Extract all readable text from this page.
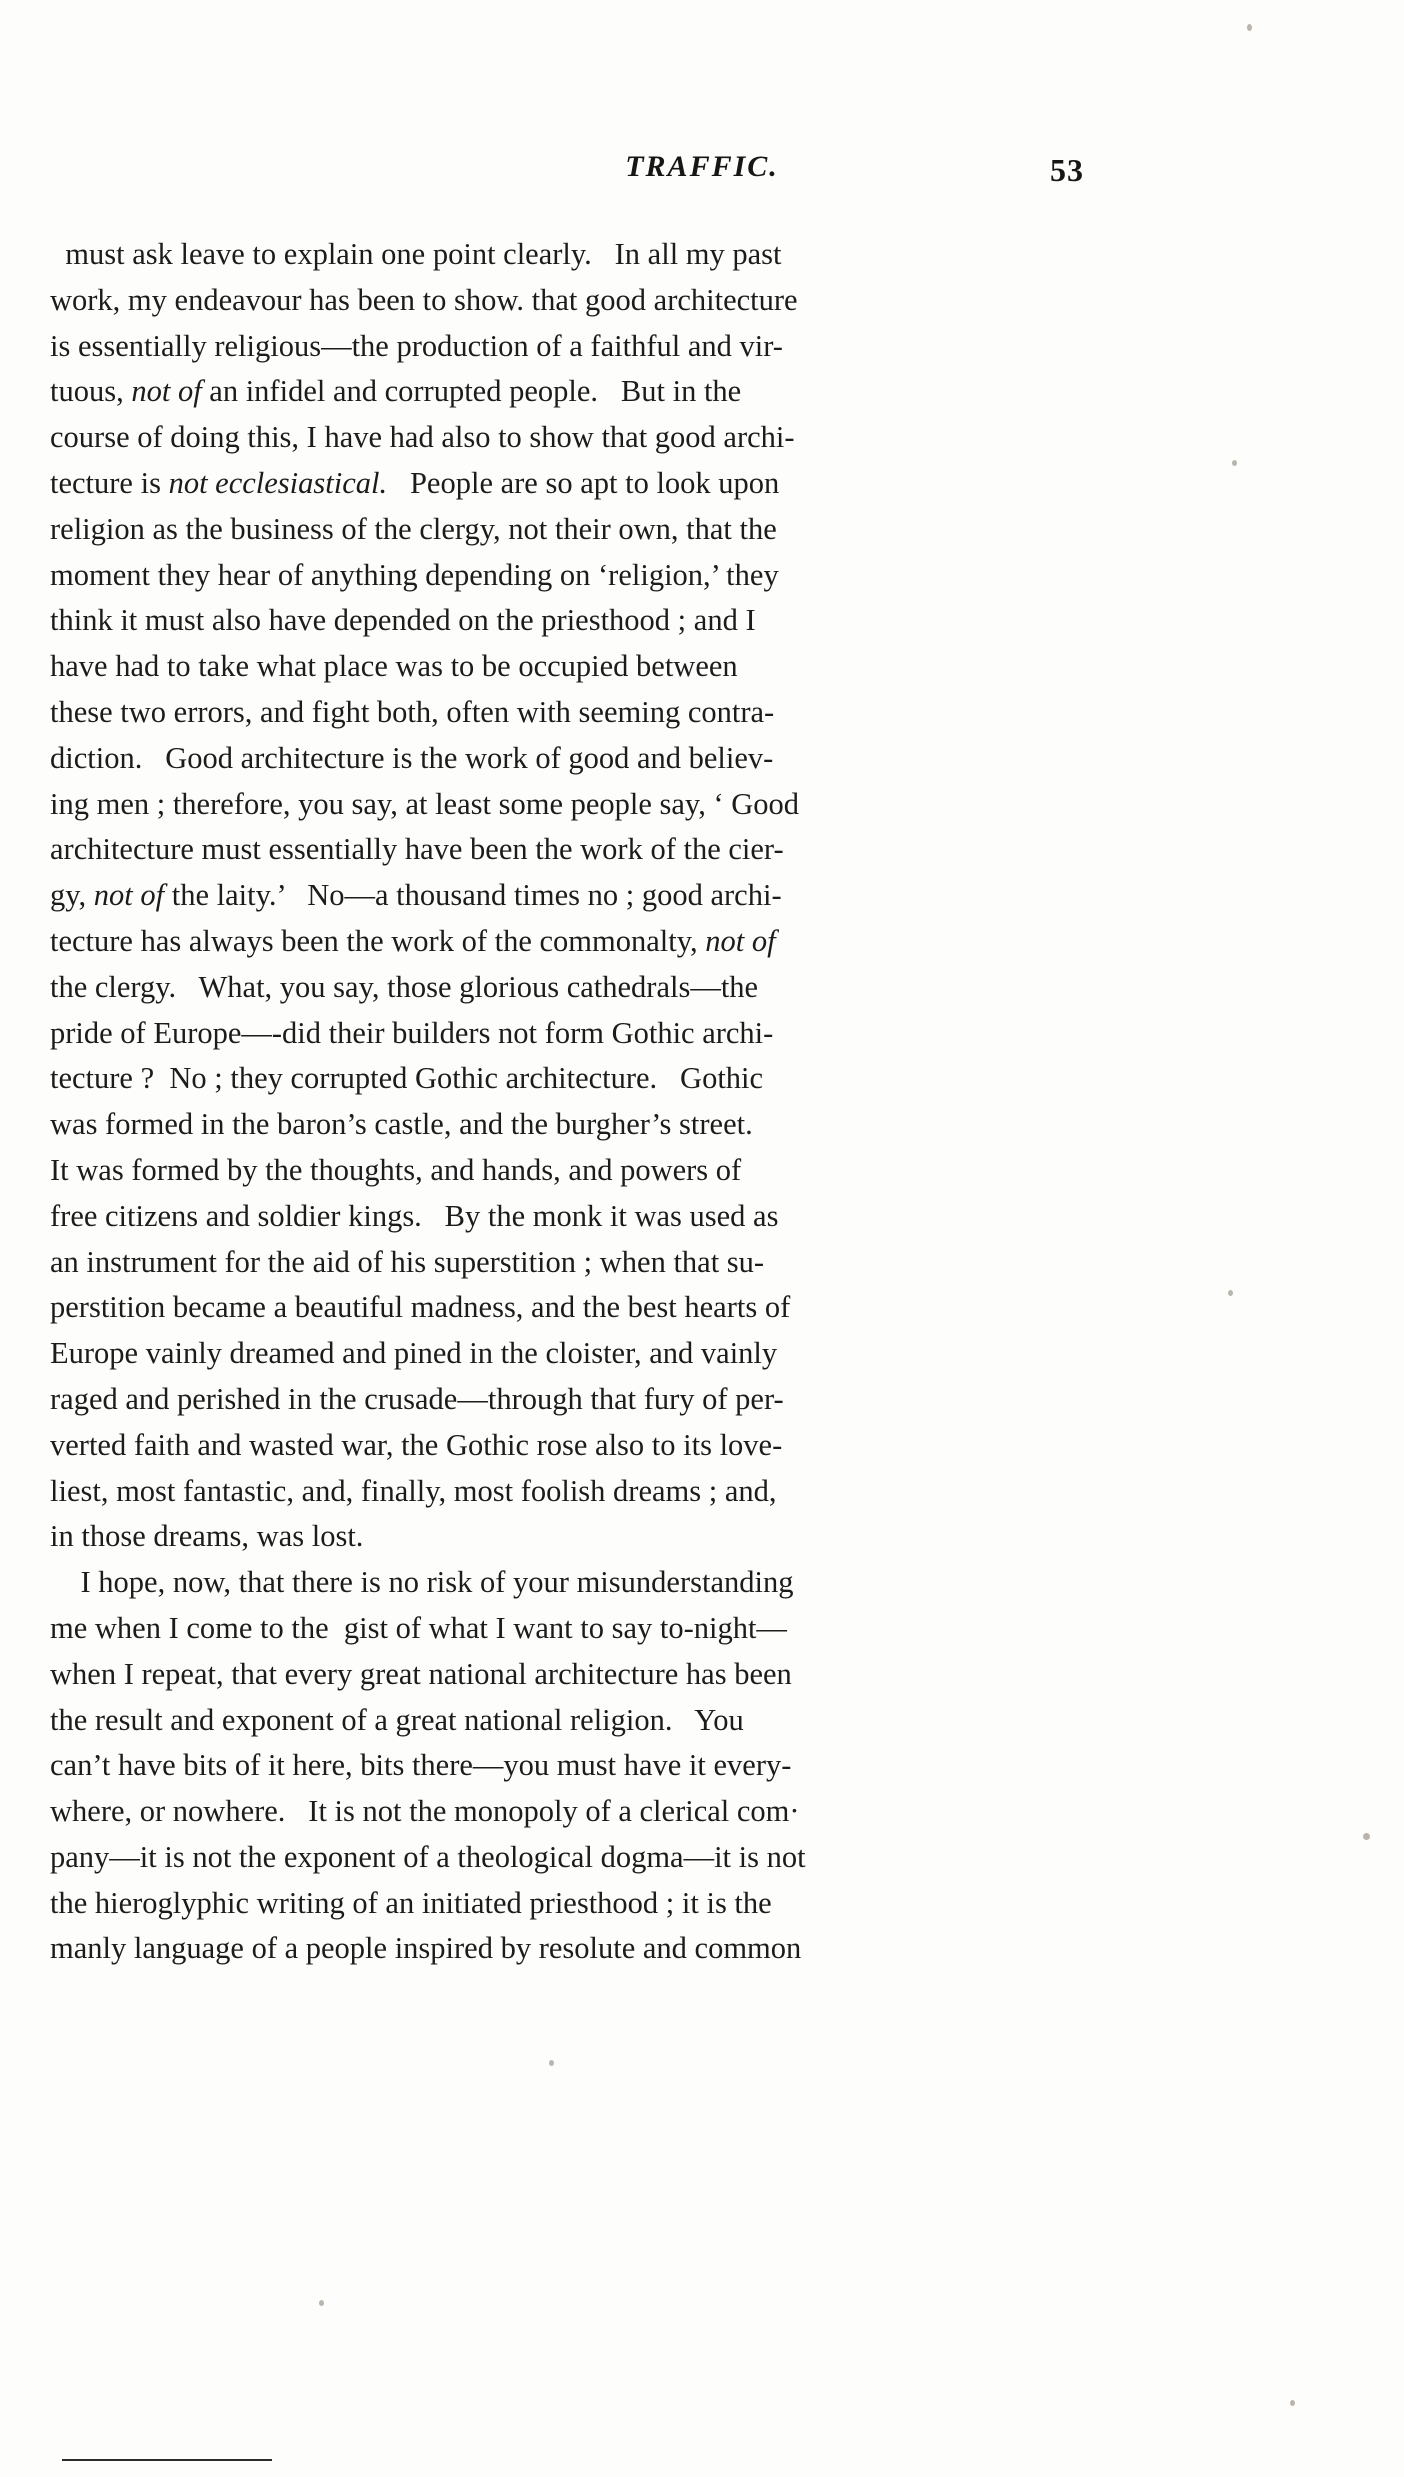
TRAFFIC.	53
must ask leave to explain one point clearly.   In all my past
work, my endeavour has been to show. that good architecture
is essentially religious—the production of a faithful and vir-
tuous, not of an infidel and corrupted people.   But in the
course of doing this, I have had also to show that good archi-
tecture is not ecclesiastical.   People are so apt to look upon
religion as the business of the clergy, not their own, that the
moment they hear of anything depending on ‘religion,’ they
think it must also have depended on the priesthood ; and I
have had to take what place was to be occupied between
these two errors, and fight both, often with seeming contra-
diction.   Good architecture is the work of good and believ-
ing men ; therefore, you say, at least some people say, ‘ Good
architecture must essentially have been the work of the cier-
gy, not of the laity.’   No—a thousand times no ; good archi-
tecture has always been the work of the commonalty, not of
the clergy.   What, you say, those glorious cathedrals—the
pride of Europe—-did their builders not form Gothic archi-
tecture ?  No ; they corrupted Gothic architecture.   Gothic
was formed in the baron’s castle, and the burgher’s street.
It was formed by the thoughts, and hands, and powers of
free citizens and soldier kings.   By the monk it was used as
an instrument for the aid of his superstition ; when that su-
perstition became a beautiful madness, and the best hearts of
Europe vainly dreamed and pined in the cloister, and vainly
raged and perished in the crusade—through that fury of per-
verted faith and wasted war, the Gothic rose also to its love-
liest, most fantastic, and, finally, most foolish dreams ; and,
in those dreams, was lost.
I hope, now, that there is no risk of your misunderstanding
me when I come to the  gist of what I want to say to-night—
when I repeat, that every great national architecture has been
the result and exponent of a great national religion.   You
can’t have bits of it here, bits there—you must have it every-
where, or nowhere.   It is not the monopoly of a clerical com·
pany—it is not the exponent of a theological dogma—it is not
the hieroglyphic writing of an initiated priesthood ; it is the
manly language of a people inspired by resolute and common
